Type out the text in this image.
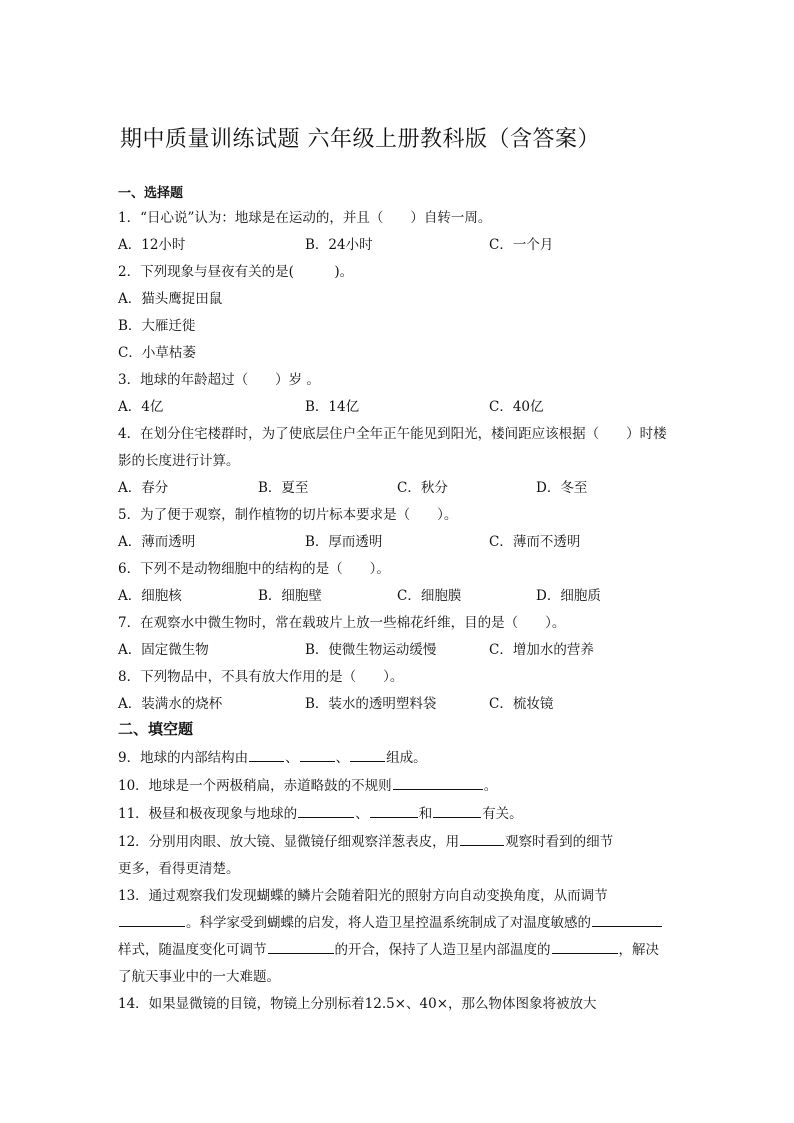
期中质量训练试题 六年级上册教科版（含答案）
一、选择题
1．“日心说”认为：地球是在运动的，并且（　　）自转一周。
A．12小时	B．24小时	C．一个月
2．下列现象与昼夜有关的是(　　　)。
A．猫头鹰捉田鼠
B．大雁迁徙
C．小草枯萎
3．地球的年龄超过（　　）岁 。
A．4亿	B．14亿	C．40亿
4．在划分住宅楼群时，为了使底层住户全年正午能见到阳光，楼间距应该根据（　　）时楼
影的长度进行计算。
A．春分	B．夏至	C．秋分	D．冬至
5．为了便于观察，制作植物的切片标本要求是（　　）。
A．薄而透明	B．厚而透明	C．薄而不透明
6．下列不是动物细胞中的结构的是（　　）。
A．细胞核	B．细胞壁	C．细胞膜	D．细胞质
7．在观察水中微生物时，常在载玻片上放一些棉花纤维，目的是（　　）。
A．固定微生物	B．使微生物运动缓慢	C．增加水的营养
8．下列物品中，不具有放大作用的是（　　）。
A．装满水的烧杯	B．装水的透明塑料袋	C．梳妆镜
二、填空题
9．地球的内部结构由	、	、	组成。
10．地球是一个两极稍扁，赤道略鼓的不规则	。
11．极昼和极夜现象与地球的	、	和	有关。
12．分别用肉眼、放大镜、显微镜仔细观察洋葱表皮，用	观察时看到的细节
更多，看得更清楚。
13．通过观察我们发现蝴蝶的鳞片会随着阳光的照射方向自动变换角度，从而调节
。科学家受到蝴蝶的启发，将人造卫星控温系统制成了对温度敏感的
样式，随温度变化可调节	的开合，保持了人造卫星内部温度的	，解决
了航天事业中的一大难题。
14．如果显微镜的目镜，物镜上分别标着12.5×、40×，那么物体图象将被放大
